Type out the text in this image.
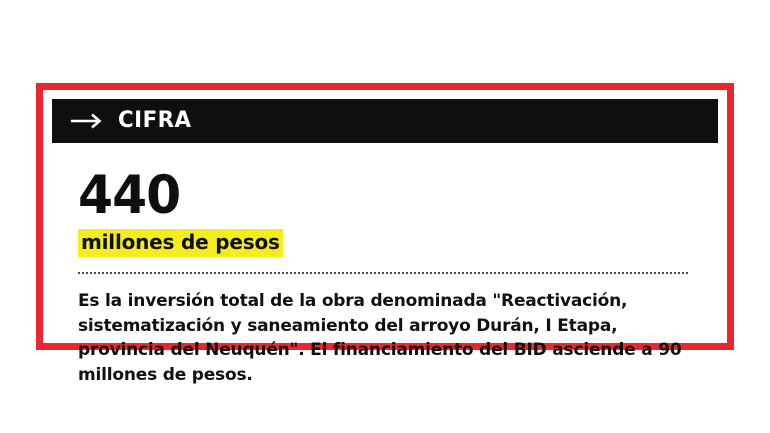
CIFRA
440
millones de pesos
Es la inversión total de la obra denominada "Reactivación, sistematización y saneamiento del arroyo Durán, I Etapa, provincia del Neuquén". El financiamiento del BID asciende a 90 millones de pesos.
